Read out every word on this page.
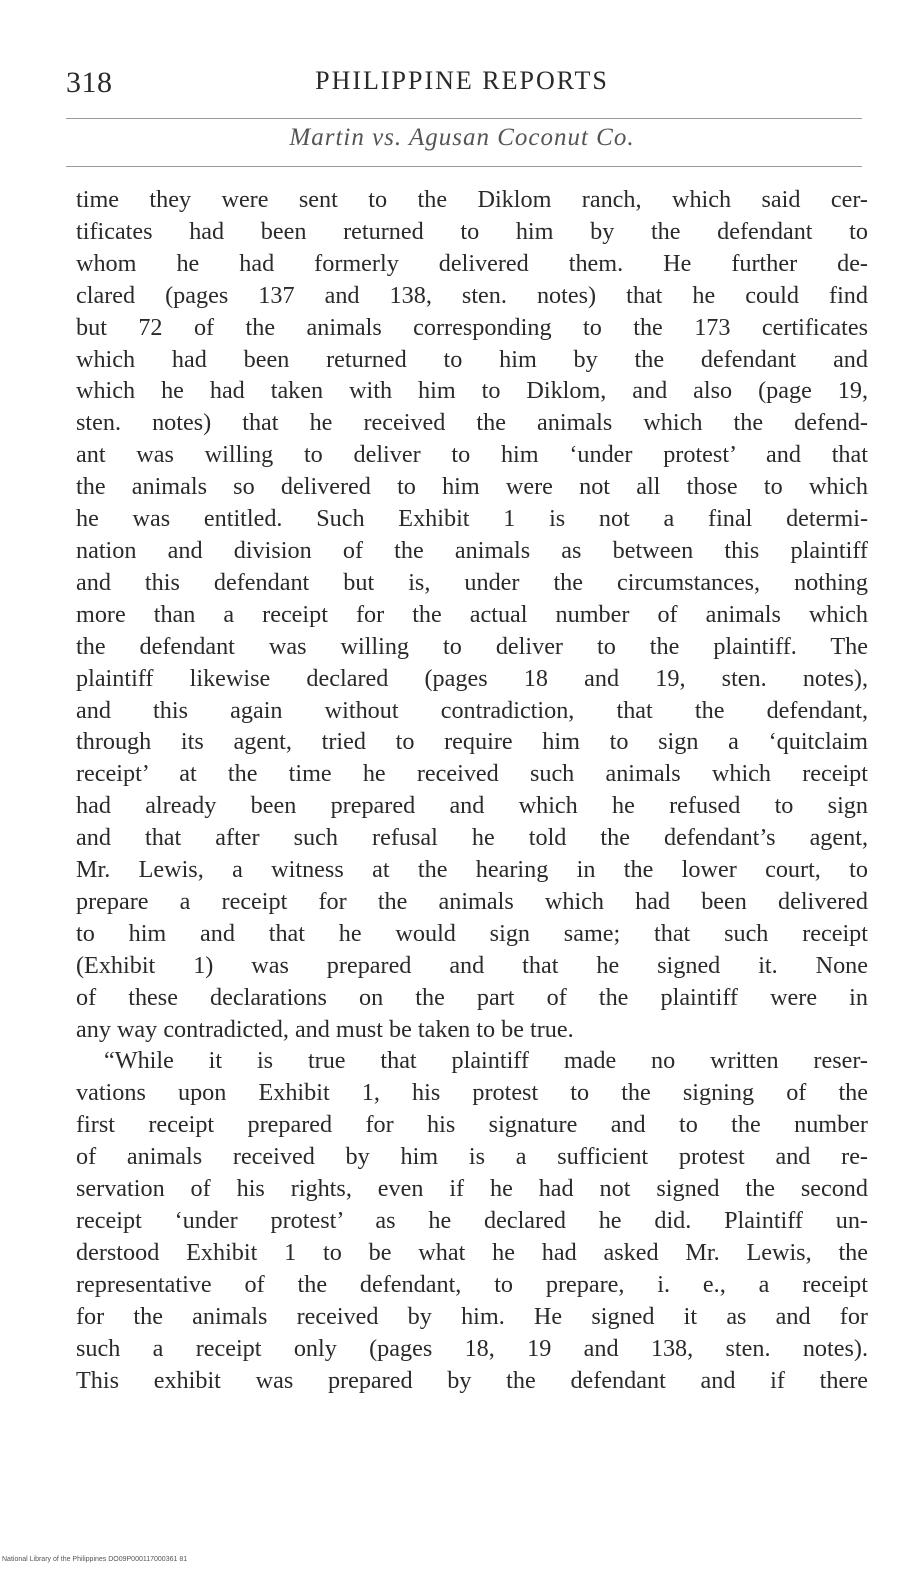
318	PHILIPPINE REPORTS
Martin vs. Agusan Coconut Co.
time they were sent to the Diklom ranch, which said cer-
tificates had been returned to him by the defendant to
whom he had formerly delivered them. He further de-
clared (pages 137 and 138, sten. notes) that he could find
but 72 of the animals corresponding to the 173 certificates
which had been returned to him by the defendant and
which he had taken with him to Diklom, and also (page 19,
sten. notes) that he received the animals which the defend-
ant was willing to deliver to him ‘under protest’ and that
the animals so delivered to him were not all those to which
he was entitled. Such Exhibit 1 is not a final determi-
nation and division of the animals as between this plaintiff
and this defendant but is, under the circumstances, nothing
more than a receipt for the actual number of animals which
the defendant was willing to deliver to the plaintiff. The
plaintiff likewise declared (pages 18 and 19, sten. notes),
and this again without contradiction, that the defendant,
through its agent, tried to require him to sign a ‘quitclaim
receipt’ at the time he received such animals which receipt
had already been prepared and which he refused to sign
and that after such refusal he told the defendant’s agent,
Mr. Lewis, a witness at the hearing in the lower court, to
prepare a receipt for the animals which had been delivered
to him and that he would sign same; that such receipt
(Exhibit 1) was prepared and that he signed it. None
of these declarations on the part of the plaintiff were in
any way contradicted, and must be taken to be true.
“While it is true that plaintiff made no written reser-
vations upon Exhibit 1, his protest to the signing of the
first receipt prepared for his signature and to the number
of animals received by him is a sufficient protest and re-
servation of his rights, even if he had not signed the second
receipt ‘under protest’ as he declared he did. Plaintiff un-
derstood Exhibit 1 to be what he had asked Mr. Lewis, the
representative of the defendant, to prepare, i. e., a receipt
for the animals received by him. He signed it as and for
such a receipt only (pages 18, 19 and 138, sten. notes).
This exhibit was prepared by the defendant and if there
National Library of the Philippines DO09P000117000361 81
